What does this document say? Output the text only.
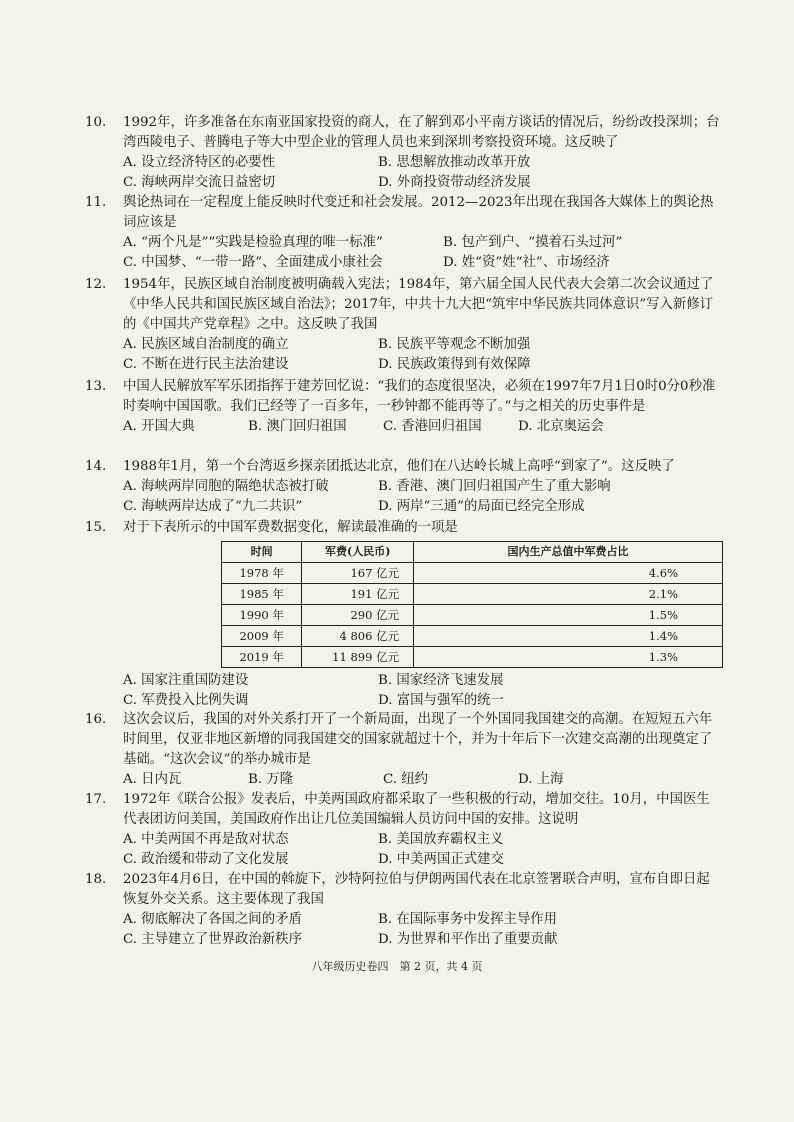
10. 1992年，许多准备在东南亚国家投资的商人，在了解到邓小平南方谈话的情况后，纷纷改投深圳；台湾西陵电子、普腾电子等大中型企业的管理人员也来到深圳考察投资环境。这反映了

A. 设立经济特区的必要性	B. 思想解放推动改革开放
C. 海峡两岸交流日益密切	D. 外商投资带动经济发展
11. 舆论热词在一定程度上能反映时代变迁和社会发展。2012—2023年出现在我国各大媒体上的舆论热词应该是

A. “两个凡是”“实践是检验真理的唯一标准”	B. 包产到户、“摸着石头过河”
C. 中国梦、“一带一路”、全面建成小康社会	D. 姓“资”姓“社”、市场经济
12. 1954年，民族区域自治制度被明确载入宪法；1984年，第六届全国人民代表大会第二次会议通过了《中华人民共和国民族区域自治法》；2017年，中共十九大把“筑牢中华民族共同体意识”写入新修订的《中国共产党章程》之中。这反映了我国

A. 民族区域自治制度的确立	B. 民族平等观念不断加强
C. 不断在进行民主法治建设	D. 民族政策得到有效保障
13. 中国人民解放军军乐团指挥于建芳回忆说：“我们的态度很坚决，必须在1997年7月1日0时0分0秒准时奏响中国国歌。我们已经等了一百多年，一秒钟都不能再等了。”与之相关的历史事件是

A. 开国大典	B. 澳门回归祖国	C. 香港回归祖国	D. 北京奥运会
14. 1988年1月，第一个台湾返乡探亲团抵达北京，他们在八达岭长城上高呼“到家了”。这反映了

A. 海峡两岸同胞的隔绝状态被打破	B. 香港、澳门回归祖国产生了重大影响
C. 海峡两岸达成了“九二共识”	D. 两岸“三通”的局面已经完全形成
15. 对于下表所示的中国军费数据变化，解读最准确的一项是

时间	军费(人民币)	国内生产总值中军费占比
1978 年	167 亿元	4.6%
1985 年	191 亿元	2.1%
1990 年	290 亿元	1.5%
2009 年	4 806 亿元	1.4%
2019 年	11 899 亿元	1.3%
A. 国家注重国防建设	B. 国家经济飞速发展
C. 军费投入比例失调	D. 富国与强军的统一
16. 这次会议后，我国的对外关系打开了一个新局面，出现了一个外国同我国建交的高潮。在短短五六年时间里，仅亚非地区新增的同我国建交的国家就超过十个，并为十年后下一次建交高潮的出现奠定了基础。“这次会议”的举办城市是

A. 日内瓦	B. 万隆	C. 纽约	D. 上海
17. 1972年《联合公报》发表后，中美两国政府都采取了一些积极的行动，增加交往。10月，中国医生代表团访问美国，美国政府作出让几位美国编辑人员访问中国的安排。这说明

A. 中美两国不再是敌对状态	B. 美国放弃霸权主义
C. 政治缓和带动了文化发展	D. 中美两国正式建交
18. 2023年4月6日，在中国的斡旋下，沙特阿拉伯与伊朗两国代表在北京签署联合声明，宣布自即日起恢复外交关系。这主要体现了我国

A. 彻底解决了各国之间的矛盾	B. 在国际事务中发挥主导作用
C. 主导建立了世界政治新秩序	D. 为世界和平作出了重要贡献
八年级历史卷四　第 2 页，共 4 页
